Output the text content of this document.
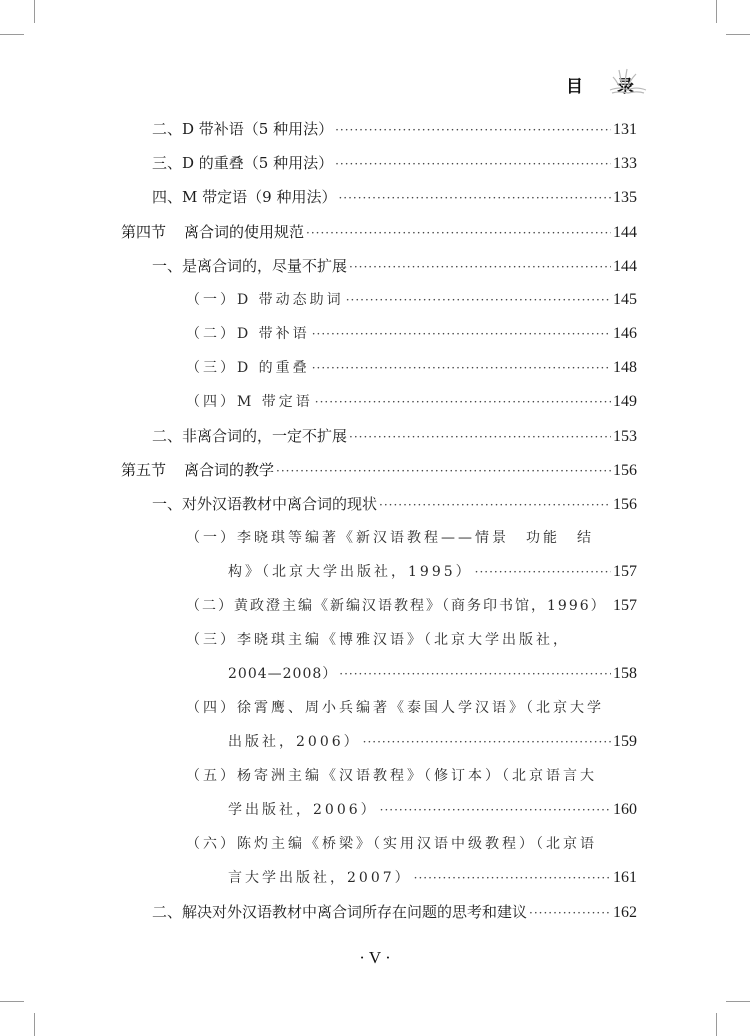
目 录
二、D 带补语（5 种用法） ·····	131
三、D 的重叠（5 种用法） ·····	133
四、M 带定语（9 种用法） ·····	135
第四节 离合词的使用规范 ·····	144
一、是离合词的，尽量不扩展 ·····	144
（一）D 带动态助词 ·····	145
（二）D 带补语 ·····	146
（三）D 的重叠 ·····	148
（四）M 带定语 ·····	149
二、非离合词的，一定不扩展 ·····	153
第五节 离合词的教学 ·····	156
一、对外汉语教材中离合词的现状 ·····	156
（一）李晓琪等编著《新汉语教程——情景　功能　结
构》（北京大学出版社，1995） ·····	157
（二）黄政澄主编《新编汉语教程》（商务印书馆，1996） 157
（三）李晓琪主编《博雅汉语》（北京大学出版社，
2004—2008） ·····	158
（四）徐霄鹰、周小兵编著《泰国人学汉语》（北京大学
出版社，2006） ·····	159
（五）杨寄洲主编《汉语教程》（修订本）（北京语言大
学出版社，2006） ·····	160
（六）陈灼主编《桥梁》（实用汉语中级教程）（北京语
言大学出版社，2007） ·····	161
二、解决对外汉语教材中离合词所存在问题的思考和建议 ·····	162
· V ·
